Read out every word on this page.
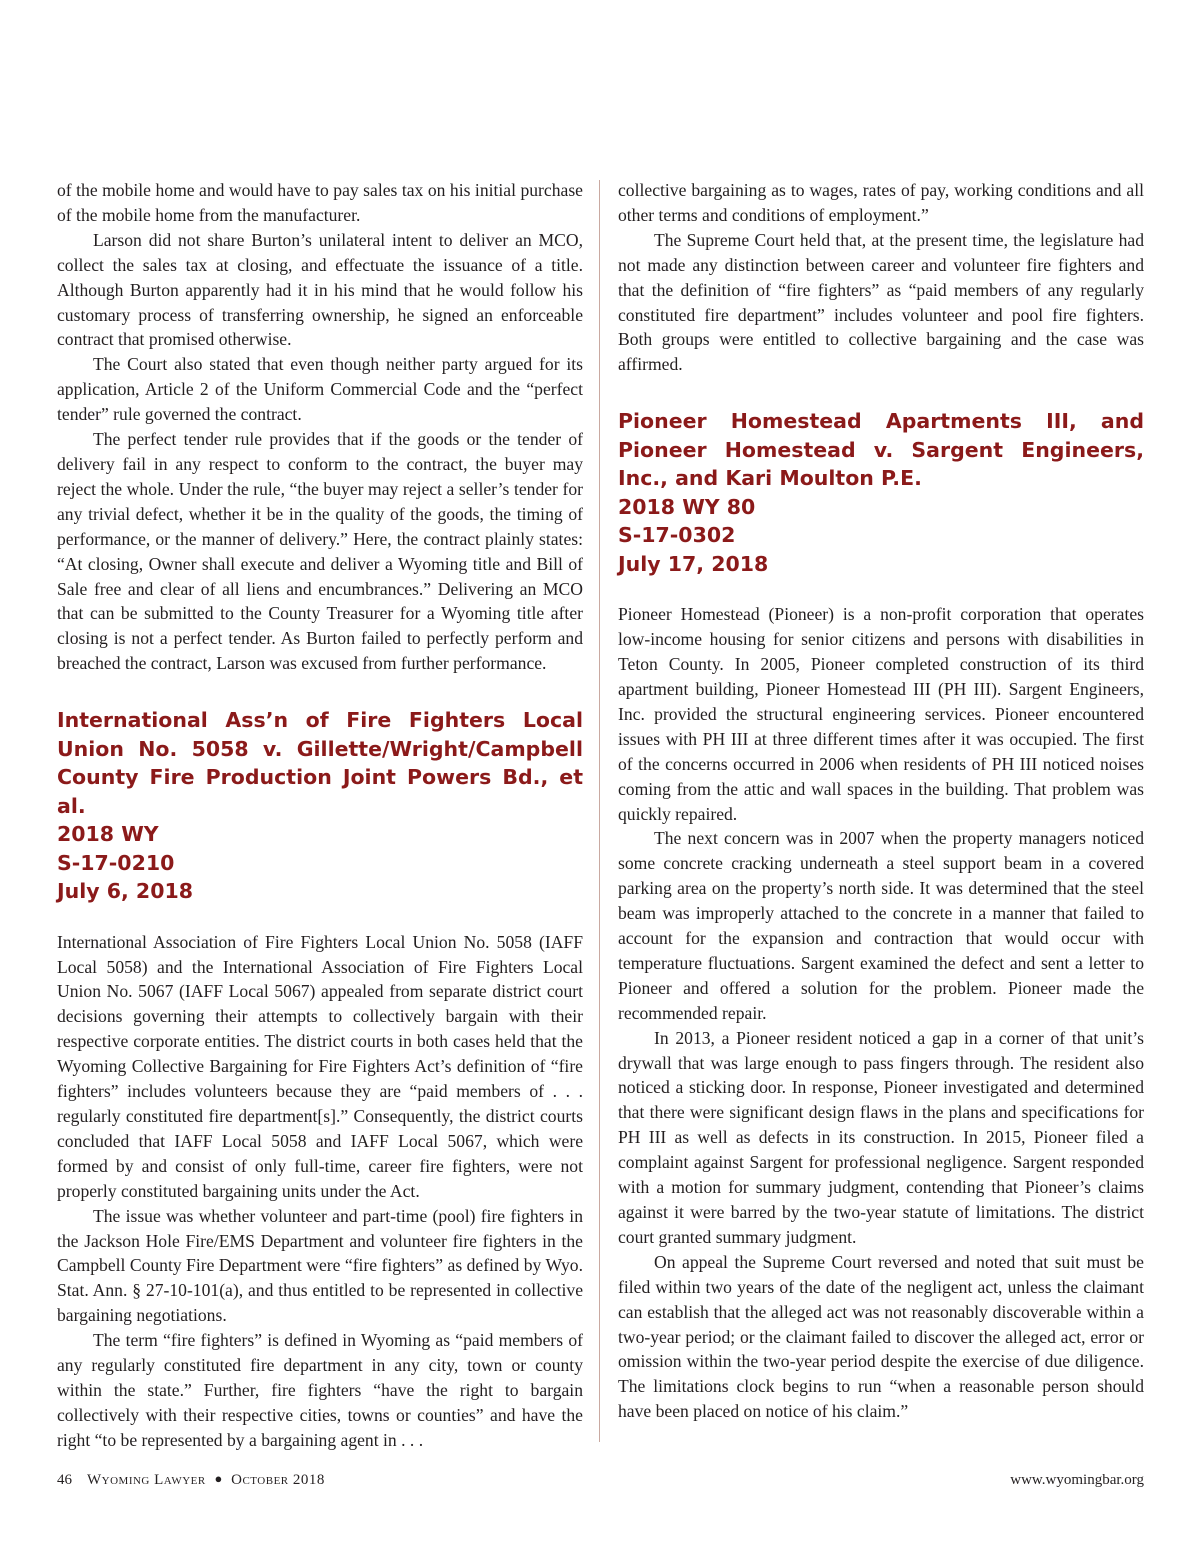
of the mobile home and would have to pay sales tax on his initial purchase of the mobile home from the manufacturer.

Larson did not share Burton’s unilateral intent to deliver an MCO, collect the sales tax at closing, and effectuate the issuance of a title. Although Burton apparently had it in his mind that he would follow his customary process of transferring ownership, he signed an enforceable contract that promised otherwise.

The Court also stated that even though neither party argued for its application, Article 2 of the Uniform Commercial Code and the “perfect tender” rule governed the contract.

The perfect tender rule provides that if the goods or the tender of delivery fail in any respect to conform to the contract, the buyer may reject the whole. Under the rule, “the buyer may reject a seller’s tender for any trivial defect, whether it be in the quality of the goods, the timing of performance, or the manner of delivery.” Here, the contract plainly states: “At closing, Owner shall execute and deliver a Wyoming title and Bill of Sale free and clear of all liens and encumbrances.” Delivering an MCO that can be submitted to the County Treasurer for a Wyoming title after closing is not a perfect tender. As Burton failed to perfectly perform and breached the contract, Larson was excused from further performance.

International Ass’n of Fire Fighters Local Union No. 5058 v. Gillette/Wright/Campbell County Fire Production Joint Powers Bd., et al.
2018 WY
S-17-0210
July 6, 2018

International Association of Fire Fighters Local Union No. 5058 (IAFF Local 5058) and the International Association of Fire Fighters Local Union No. 5067 (IAFF Local 5067) appealed from separate district court decisions governing their attempts to collectively bargain with their respective corporate entities. The district courts in both cases held that the Wyoming Collective Bargaining for Fire Fighters Act’s definition of “fire fighters” includes volunteers because they are “paid members of . . . regularly constituted fire department[s].” Consequently, the district courts concluded that IAFF Local 5058 and IAFF Local 5067, which were formed by and consist of only full-time, career fire fighters, were not properly constituted bargaining units under the Act.

The issue was whether volunteer and part-time (pool) fire fighters in the Jackson Hole Fire/EMS Department and volunteer fire fighters in the Campbell County Fire Department were “fire fighters” as defined by Wyo. Stat. Ann. § 27-10-101(a), and thus entitled to be represented in collective bargaining negotiations.

The term “fire fighters” is defined in Wyoming as “paid members of any regularly constituted fire department in any city, town or county within the state.” Further, fire fighters “have the right to bargain collectively with their respective cities, towns or counties” and have the right “to be represented by a bargaining agent in . . .

collective bargaining as to wages, rates of pay, working conditions and all other terms and conditions of employment.”

The Supreme Court held that, at the present time, the legislature had not made any distinction between career and volunteer fire fighters and that the definition of “fire fighters” as “paid members of any regularly constituted fire department” includes volunteer and pool fire fighters. Both groups were entitled to collective bargaining and the case was affirmed.

Pioneer Homestead Apartments III, and Pioneer Homestead v. Sargent Engineers, Inc., and Kari Moulton P.E.
2018 WY 80
S-17-0302
July 17, 2018

Pioneer Homestead (Pioneer) is a non-profit corporation that operates low-income housing for senior citizens and persons with disabilities in Teton County. In 2005, Pioneer completed construction of its third apartment building, Pioneer Homestead III (PH III). Sargent Engineers, Inc. provided the structural engineering services. Pioneer encountered issues with PH III at three different times after it was occupied. The first of the concerns occurred in 2006 when residents of PH III noticed noises coming from the attic and wall spaces in the building. That problem was quickly repaired.

The next concern was in 2007 when the property managers noticed some concrete cracking underneath a steel support beam in a covered parking area on the property’s north side. It was determined that the steel beam was improperly attached to the concrete in a manner that failed to account for the expansion and contraction that would occur with temperature fluctuations. Sargent examined the defect and sent a letter to Pioneer and offered a solution for the problem. Pioneer made the recommended repair.

In 2013, a Pioneer resident noticed a gap in a corner of that unit’s drywall that was large enough to pass fingers through. The resident also noticed a sticking door. In response, Pioneer investigated and determined that there were significant design flaws in the plans and specifications for PH III as well as defects in its construction. In 2015, Pioneer filed a complaint against Sargent for professional negligence. Sargent responded with a motion for summary judgment, contending that Pioneer’s claims against it were barred by the two-year statute of limitations. The district court granted summary judgment.

On appeal the Supreme Court reversed and noted that suit must be filed within two years of the date of the negligent act, unless the claimant can establish that the alleged act was not reasonably discoverable within a two-year period; or the claimant failed to discover the alleged act, error or omission within the two-year period despite the exercise of due diligence. The limitations clock begins to run “when a reasonable person should have been placed on notice of his claim.”

46 Wyoming Lawyer ● October 2018	www.wyomingbar.org
